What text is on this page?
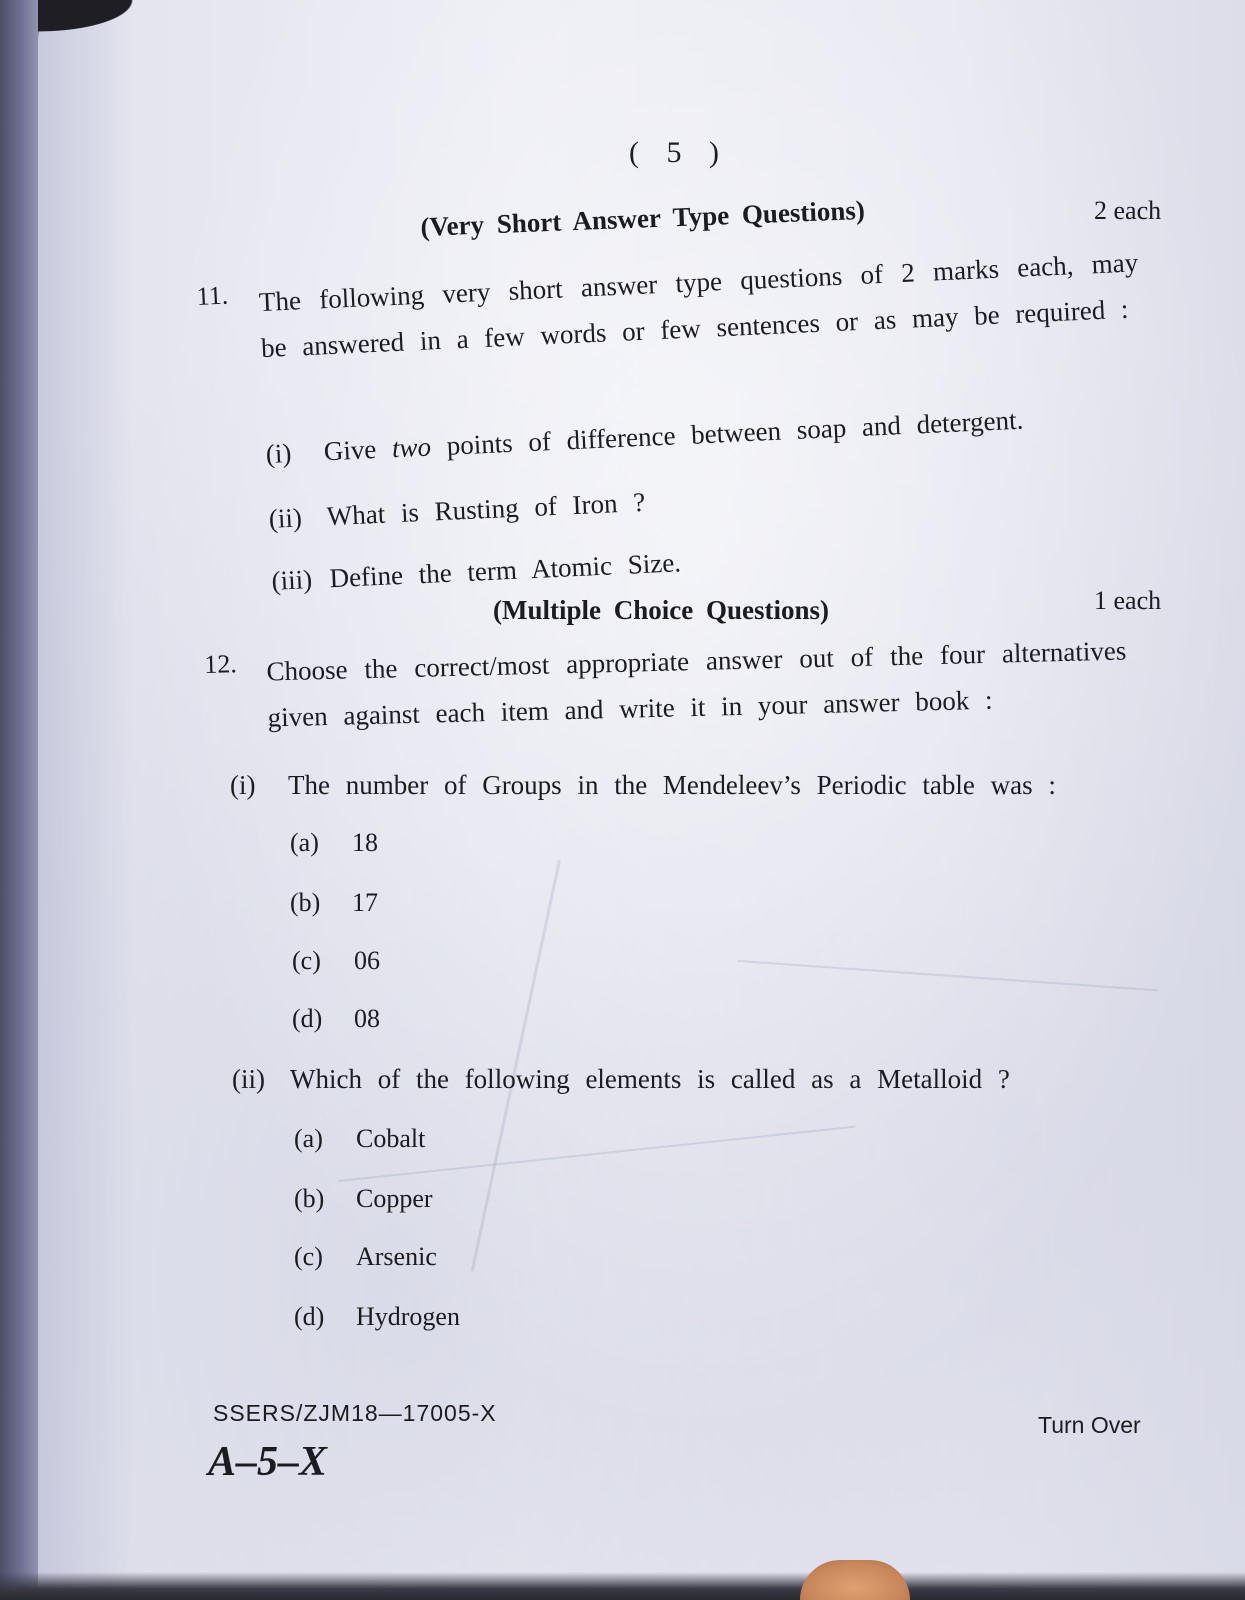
( 5 )
(Very Short Answer Type Questions)	2 each
11. The following very short answer type questions of 2 marks each, may be answered in a few words or few sentences or as may be required :
(i) Give two points of difference between soap and detergent.
(ii) What is Rusting of Iron ?
(iii) Define the term Atomic Size.
(Multiple Choice Questions)	1 each
12. Choose the correct/most appropriate answer out of the four alternatives given against each item and write it in your answer book :
(i) The number of Groups in the Mendeleev’s Periodic table was :
(a) 18
(b) 17
(c) 06
(d) 08
(ii) Which of the following elements is called as a Metalloid ?
(a) Cobalt
(b) Copper
(c) Arsenic
(d) Hydrogen
SSERS/ZJM18—17005-X	Turn Over
A–5–X
